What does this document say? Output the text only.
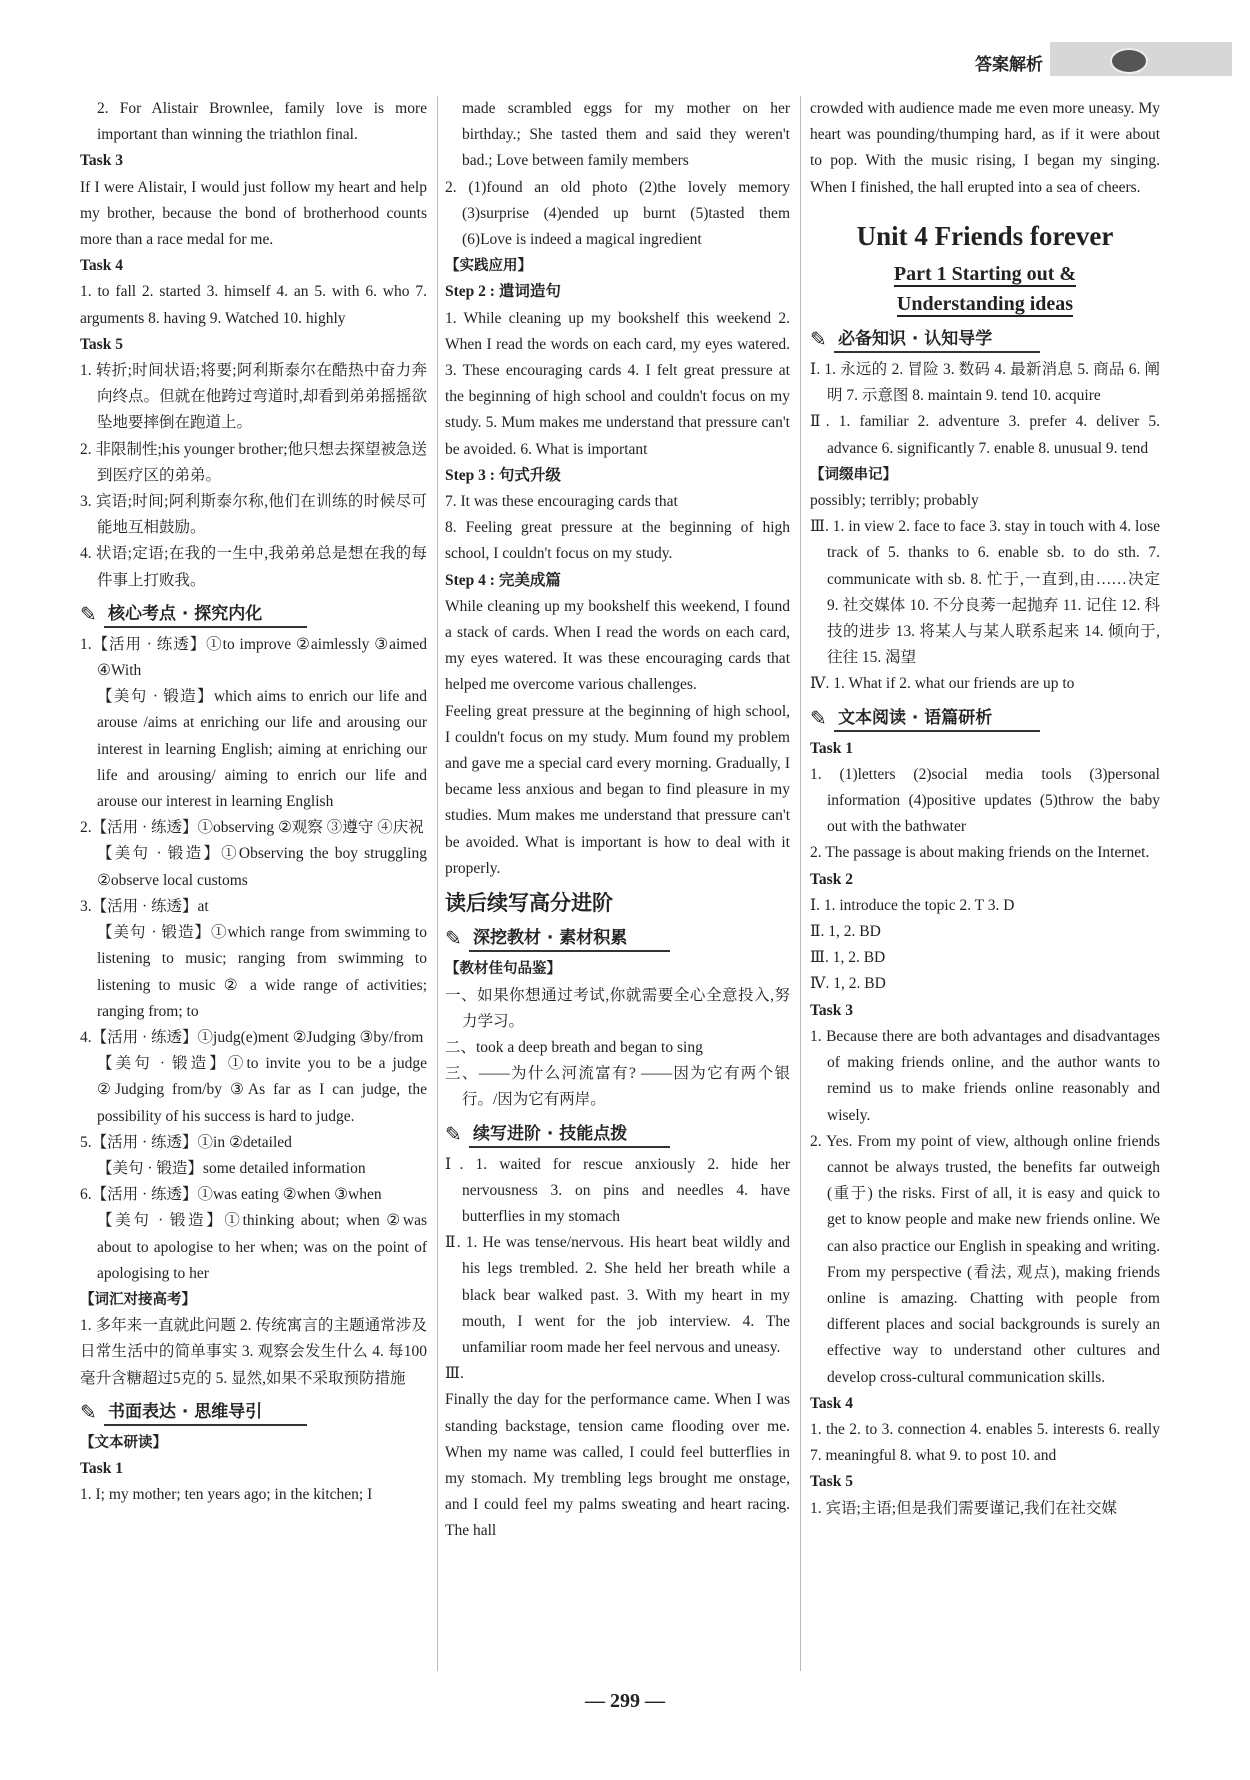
答案解析

2. For Alistair Brownlee, family love is more important than winning the triathlon final.

Task 3

If I were Alistair, I would just follow my heart and help my brother, because the bond of brotherhood counts more than a race medal for me.

Task 4

1. to fall 2. started 3. himself 4. an 5. with 6. who 7. arguments 8. having 9. Watched 10. highly

Task 5

1. 转折;时间状语;将要;阿利斯泰尔在酷热中奋力奔向终点。但就在他跨过弯道时,却看到弟弟摇摇欲坠地要摔倒在跑道上。

2. 非限制性;his younger brother;他只想去探望被急送到医疗区的弟弟。

3. 宾语;时间;阿利斯泰尔称,他们在训练的时候尽可能地互相鼓励。

4. 状语;定语;在我的一生中,我弟弟总是想在我的每件事上打败我。

✎ 核心考点 · 探究内化

1.【活用 · 练透】①to improve ②aimlessly ③aimed ④With

【美句 · 锻造】which aims to enrich our life and arouse /aims at enriching our life and arousing our interest in learning English; aiming at enriching our life and arousing/ aiming to enrich our life and arouse our interest in learning English

2.【活用 · 练透】①observing ②观察 ③遵守 ④庆祝

【美句 · 锻造】①Observing the boy struggling ②observe local customs

3.【活用 · 练透】at

【美句 · 锻造】①which range from swimming to listening to music; ranging from swimming to listening to music ② a wide range of activities; ranging from; to

4.【活用 · 练透】①judg(e)ment ②Judging ③by/from

【美句 · 锻造】①to invite you to be a judge ②Judging from/by ③As far as I can judge, the possibility of his success is hard to judge.

5.【活用 · 练透】①in ②detailed

【美句 · 锻造】some detailed information

6.【活用 · 练透】①was eating ②when ③when

【美句 · 锻造】①thinking about; when ②was about to apologise to her when; was on the point of apologising to her

【词汇对接高考】

1. 多年来一直就此问题 2. 传统寓言的主题通常涉及日常生活中的简单事实 3. 观察会发生什么 4. 每100毫升含糖超过5克的 5. 显然,如果不采取预防措施

✎ 书面表达 · 思维导引

【文本研读】

Task 1

1. I; my mother; ten years ago; in the kitchen; I

made scrambled eggs for my mother on her birthday.; She tasted them and said they weren't bad.; Love between family members

2. (1)found an old photo (2)the lovely memory (3)surprise (4)ended up burnt (5)tasted them (6)Love is indeed a magical ingredient

【实践应用】

Step 2 : 遣词造句

1. While cleaning up my bookshelf this weekend 2. When I read the words on each card, my eyes watered. 3. These encouraging cards 4. I felt great pressure at the beginning of high school and couldn't focus on my study. 5. Mum makes me understand that pressure can't be avoided. 6. What is important

Step 3 : 句式升级

7. It was these encouraging cards that

8. Feeling great pressure at the beginning of high school, I couldn't focus on my study.

Step 4 : 完美成篇

While cleaning up my bookshelf this weekend, I found a stack of cards. When I read the words on each card, my eyes watered. It was these encouraging cards that helped me overcome various challenges.

Feeling great pressure at the beginning of high school, I couldn't focus on my study. Mum found my problem and gave me a special card every morning. Gradually, I became less anxious and began to find pleasure in my studies. Mum makes me understand that pressure can't be avoided. What is important is how to deal with it properly.

读后续写高分进阶

✎ 深挖教材 · 素材积累

【教材佳句品鉴】

一、如果你想通过考试,你就需要全心全意投入,努力学习。

二、took a deep breath and began to sing

三、——为什么河流富有? ——因为它有两个银行。/因为它有两岸。

✎ 续写进阶 · 技能点拨

Ⅰ. 1. waited for rescue anxiously 2. hide her nervousness 3. on pins and needles 4. have butterflies in my stomach

Ⅱ. 1. He was tense/nervous. His heart beat wildly and his legs trembled. 2. She held her breath while a black bear walked past. 3. With my heart in my mouth, I went for the job interview. 4. The unfamiliar room made her feel nervous and uneasy.

Ⅲ.

Finally the day for the performance came. When I was standing backstage, tension came flooding over me. When my name was called, I could feel butterflies in my stomach. My trembling legs brought me onstage, and I could feel my palms sweating and heart racing. The hall

crowded with audience made me even more uneasy. My heart was pounding/thumping hard, as if it were about to pop. With the music rising, I began my singing. When I finished, the hall erupted into a sea of cheers.

Unit 4 Friends forever

Part 1 Starting out &

Understanding ideas

✎ 必备知识 · 认知导学

Ⅰ. 1. 永远的 2. 冒险 3. 数码 4. 最新消息 5. 商品 6. 阐明 7. 示意图 8. maintain 9. tend 10. acquire

Ⅱ. 1. familiar 2. adventure 3. prefer 4. deliver 5. advance 6. significantly 7. enable 8. unusual 9. tend

【词缀串记】

possibly; terribly; probably

Ⅲ. 1. in view 2. face to face 3. stay in touch with 4. lose track of 5. thanks to 6. enable sb. to do sth. 7. communicate with sb. 8. 忙于,一直到,由……决定 9. 社交媒体 10. 不分良莠一起抛弃 11. 记住 12. 科技的进步 13. 将某人与某人联系起来 14. 倾向于,往往 15. 渴望

Ⅳ. 1. What if 2. what our friends are up to

✎ 文本阅读 · 语篇研析

Task 1

1. (1)letters (2)social media tools (3)personal information (4)positive updates (5)throw the baby out with the bathwater

2. The passage is about making friends on the Internet.

Task 2

Ⅰ. 1. introduce the topic 2. T 3. D

Ⅱ. 1, 2. BD

Ⅲ. 1, 2. BD

Ⅳ. 1, 2. BD

Task 3

1. Because there are both advantages and disadvantages of making friends online, and the author wants to remind us to make friends online reasonably and wisely.

2. Yes. From my point of view, although online friends cannot be always trusted, the benefits far outweigh (重于) the risks. First of all, it is easy and quick to get to know people and make new friends online. We can also practice our English in speaking and writing. From my perspective (看法, 观点), making friends online is amazing. Chatting with people from different places and social backgrounds is surely an effective way to understand other cultures and develop cross-cultural communication skills.

Task 4

1. the 2. to 3. connection 4. enables 5. interests 6. really 7. meaningful 8. what 9. to post 10. and

Task 5

1. 宾语;主语;但是我们需要谨记,我们在社交媒

— 299 —
